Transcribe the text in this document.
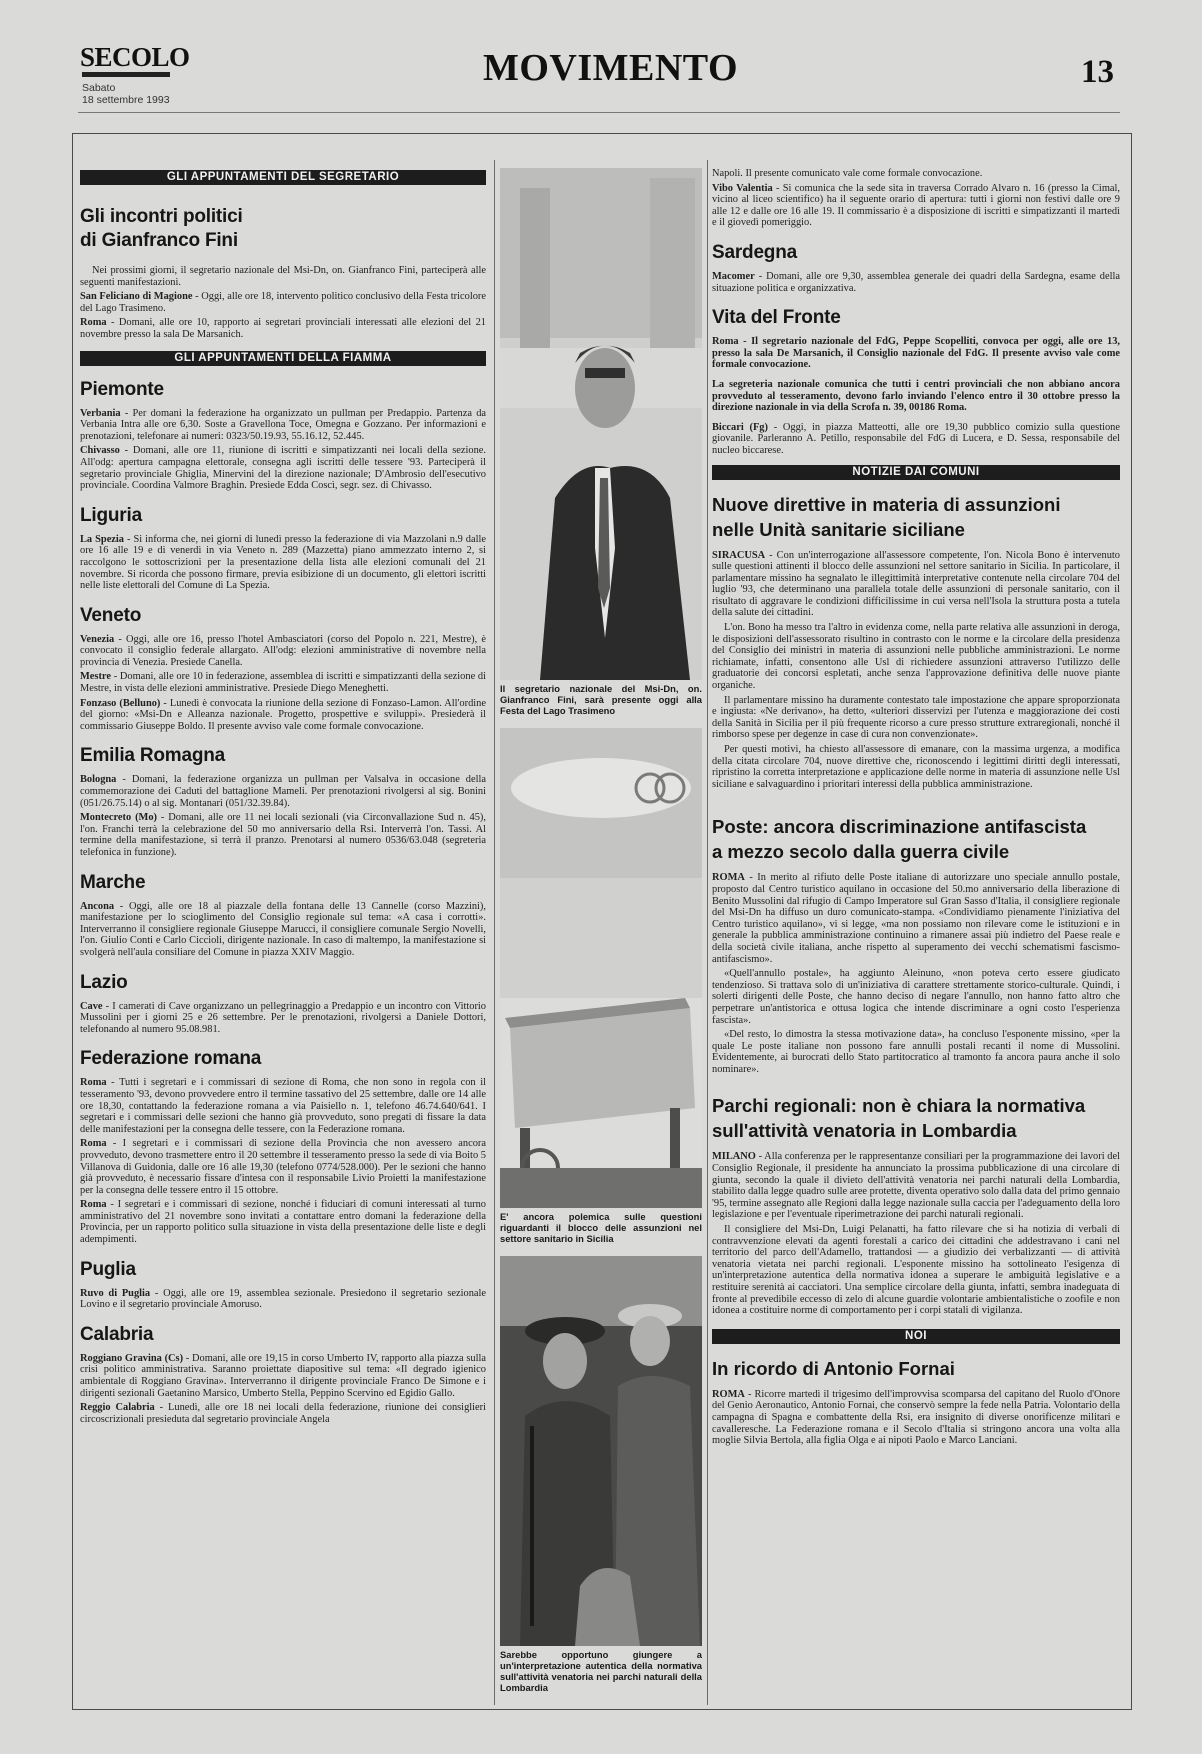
SECOLO
Sabato
18 settembre 1993
MOVIMENTO	13
GLI APPUNTAMENTI DEL SEGRETARIO
Gli incontri politici
di Gianfranco Fini

Nei prossimi giorni, il segretario nazionale del Msi-Dn, on. Gianfranco Fini, parteciperà alle seguenti manifestazioni.

San Feliciano di Magione - Oggi, alle ore 18, intervento politico conclusivo della Festa tricolore del Lago Trasimeno.

Roma - Domani, alle ore 10, rapporto ai segretari provinciali interessati alle elezioni del 21 novembre presso la sala De Marsanich.

GLI APPUNTAMENTI DELLA FIAMMA
Piemonte

Verbania - Per domani la federazione ha organizzato un pullman per Predappio. Partenza da Verbania Intra alle ore 6,30. Soste a Gravellona Toce, Omegna e Gozzano. Per informazioni e prenotazioni, telefonare ai numeri: 0323/50.19.93, 55.16.12, 52.445.

Chivasso - Domani, alle ore 11, riunione di iscritti e simpatizzanti nei locali della sezione. All'odg: apertura campagna elettorale, consegna agli iscritti delle tessere '93. Parteciperà il segretario provinciale Ghiglia, Minervini del la direzione nazionale; D'Ambrosio dell'esecutivo provinciale. Coordina Valmore Braghin. Presiede Edda Coscì, segr. sez. di Chivasso.

Liguria

La Spezia - Si informa che, nei giorni di lunedì presso la federazione di via Mazzolani n.9 dalle ore 16 alle 19 e di venerdì in via Veneto n. 289 (Mazzetta) piano ammezzato interno 2, si raccolgono le sottoscrizioni per la presentazione della lista alle elezioni comunali del 21 novembre. Si ricorda che possono firmare, previa esibizione di un documento, gli elettori iscritti nelle liste elettorali del Comune di La Spezia.

Veneto

Venezia - Oggi, alle ore 16, presso l'hotel Ambasciatori (corso del Popolo n. 221, Mestre), è convocato il consiglio federale allargato. All'odg: elezioni amministrative di novembre nella provincia di Venezia. Presiede Canella.

Mestre - Domani, alle ore 10 in federazione, assemblea di iscritti e simpatizzanti della sezione di Mestre, in vista delle elezioni amministrative. Presiede Diego Meneghetti.

Fonzaso (Belluno) - Lunedì è convocata la riunione della sezione di Fonzaso-Lamon. All'ordine del giorno: «Msi-Dn e Alleanza nazionale. Progetto, prospettive e sviluppi». Presiederà il commissario Giuseppe Boldo. Il presente avviso vale come formale convocazione.

Emilia Romagna

Bologna - Domani, la federazione organizza un pullman per Valsalva in occasione della commemorazione dei Caduti del battaglione Mameli. Per prenotazioni rivolgersi al sig. Bonini (051/26.75.14) o al sig. Montanari (051/32.39.84).

Montecreto (Mo) - Domani, alle ore 11 nei locali sezionali (via Circonvallazione Sud n. 45), l'on. Franchi terrà la celebrazione del 50 mo anniversario della Rsi. Interverrà l'on. Tassi. Al termine della manifestazione, si terrà il pranzo. Prenotarsi al numero 0536/63.048 (segreteria telefonica in funzione).

Marche

Ancona - Oggi, alle ore 18 al piazzale della fontana delle 13 Cannelle (corso Mazzini), manifestazione per lo scioglimento del Consiglio regionale sul tema: «A casa i corrotti». Interverranno il consigliere regionale Giuseppe Marucci, il consigliere comunale Sergio Novelli, l'on. Giulio Conti e Carlo Ciccioli, dirigente nazionale. In caso di maltempo, la manifestazione si svolgerà nell'aula consiliare del Comune in piazza XXIV Maggio.

Lazio

Cave - I camerati di Cave organizzano un pellegrinaggio a Predappio e un incontro con Vittorio Mussolini per i giorni 25 e 26 settembre. Per le prenotazioni, rivolgersi a Daniele Dottori, telefonando al numero 95.08.981.

Federazione romana

Roma - Tutti i segretari e i commissari di sezione di Roma, che non sono in regola con il tesseramento '93, devono provvedere entro il termine tassativo del 25 settembre, dalle ore 14 alle ore 18,30, contattando la federazione romana a via Paisiello n. 1, telefono 46.74.640/641. I segretari e i commissari delle sezioni che hanno già provveduto, sono pregati di fissare la data delle manifestazioni per la consegna delle tessere, con la Federazione romana.

Roma - I segretari e i commissari di sezione della Provincia che non avessero ancora provveduto, devono trasmettere entro il 20 settembre il tesseramento presso la sede di via Boito 5 Villanova di Guidonia, dalle ore 16 alle 19,30 (telefono 0774/528.000). Per le sezioni che hanno già provveduto, è necessario fissare d'intesa con il responsabile Livio Proietti la manifestazione per la consegna delle tessere entro il 15 ottobre.

Roma - I segretari e i commissari di sezione, nonché i fiduciari di comuni interessati al turno amministrativo del 21 novembre sono invitati a contattare entro domani la federazione della Provincia, per un rapporto politico sulla situazione in vista della presentazione delle liste e degli adempimenti.

Puglia

Ruvo di Puglia - Oggi, alle ore 19, assemblea sezionale. Presiedono il segretario sezionale Lovino e il segretario provinciale Amoruso.

Calabria

Roggiano Gravina (Cs) - Domani, alle ore 19,15 in corso Umberto IV, rapporto alla piazza sulla crisi politico amministrativa. Saranno proiettate diapositive sul tema: «Il degrado igienico ambientale di Roggiano Gravina». Interverranno il dirigente provinciale Franco De Simone e i dirigenti sezionali Gaetanino Marsico, Umberto Stella, Peppino Scervino ed Egidio Gallo.

Reggio Calabria - Lunedì, alle ore 18 nei locali della federazione, riunione dei consiglieri circoscrizionali presieduta dal segretario provinciale Angela

Il segretario nazionale del Msi-Dn, on. Gianfranco Fini, sarà presente oggi alla Festa del Lago Trasimeno
E' ancora polemica sulle questioni riguardanti il blocco delle assunzioni nel settore sanitario in Sicilia
Sarebbe opportuno giungere a un'interpretazione autentica della normativa sull'attività venatoria nei parchi naturali della Lombardia

Napoli. Il presente comunicato vale come formale convocazione.

Vibo Valentia - Si comunica che la sede sita in traversa Corrado Alvaro n. 16 (presso la Cimal, vicino al liceo scientifico) ha il seguente orario di apertura: tutti i giorni non festivi dalle ore 9 alle 12 e dalle ore 16 alle 19. Il commissario è a disposizione di iscritti e simpatizzanti il martedì e il giovedì pomeriggio.

Sardegna

Macomer - Domani, alle ore 9,30, assemblea generale dei quadri della Sardegna, esame della situazione politica e organizzativa.

Vita del Fronte

Roma - Il segretario nazionale del FdG, Peppe Scopelliti, convoca per oggi, alle ore 13, presso la sala De Marsanich, il Consiglio nazionale del FdG. Il presente avviso vale come formale convocazione.

La segreteria nazionale comunica che tutti i centri provinciali che non abbiano ancora provveduto al tesseramento, devono farlo inviando l'elenco entro il 30 ottobre presso la direzione nazionale in via della Scrofa n. 39, 00186 Roma.

Biccari (Fg) - Oggi, in piazza Matteotti, alle ore 19,30 pubblico comizio sulla questione giovanile. Parleranno A. Petillo, responsabile del FdG di Lucera, e D. Sessa, responsabile del nucleo biccarese.

NOTIZIE DAI COMUNI
Nuove direttive in materia di assunzioni
nelle Unità sanitarie siciliane

SIRACUSA - Con un'interrogazione all'assessore competente, l'on. Nicola Bono è intervenuto sulle questioni attinenti il blocco delle assunzioni nel settore sanitario in Sicilia. In particolare, il parlamentare missino ha segnalato le illegittimità interpretative contenute nella circolare 704 del luglio '93, che determinano una parallela totale delle assunzioni di personale sanitario, con il risultato di aggravare le condizioni difficilissime in cui versa nell'Isola la struttura posta a tutela della salute dei cittadini.

L'on. Bono ha messo tra l'altro in evidenza come, nella parte relativa alle assunzioni in deroga, le disposizioni dell'assessorato risultino in contrasto con le norme e la circolare della presidenza del Consiglio dei ministri in materia di assunzioni nelle pubbliche amministrazioni. Le norme richiamate, infatti, consentono alle Usl di richiedere assunzioni attraverso l'utilizzo delle graduatorie dei concorsi espletati, anche senza l'approvazione definitiva delle nuove piante organiche.

Il parlamentare missino ha duramente contestato tale impostazione che appare sproporzionata e ingiusta: «Ne derivano», ha detto, «ulteriori disservizi per l'utenza e maggiorazione dei costi della Sanità in Sicilia per il più frequente ricorso a cure presso strutture extraregionali, nonché il rimborso spese per degenze in case di cura non convenzionate».

Per questi motivi, ha chiesto all'assessore di emanare, con la massima urgenza, a modifica della citata circolare 704, nuove direttive che, riconoscendo i legittimi diritti degli interessati, ripristino la corretta interpretazione e applicazione delle norme in materia di assunzione nelle Usl siciliane e salvaguardino i prioritari interessi della pubblica amministrazione.

Poste: ancora discriminazione antifascista
a mezzo secolo dalla guerra civile

ROMA - In merito al rifiuto delle Poste italiane di autorizzare uno speciale annullo postale, proposto dal Centro turistico aquilano in occasione del 50.mo anniversario della liberazione di Benito Mussolini dal rifugio di Campo Imperatore sul Gran Sasso d'Italia, il consigliere regionale del Msi-Dn ha diffuso un duro comunicato-stampa. «Condividiamo pienamente l'iniziativa del Centro turistico aquilano», vi si legge, «ma non possiamo non rilevare come le istituzioni e in generale la pubblica amministrazione continuino a rimanere assai più indietro del Paese reale e della società civile italiana, anche rispetto al superamento dei vecchi schematismi fascismo-antifascismo».

«Quell'annullo postale», ha aggiunto Aleinuno, «non poteva certo essere giudicato tendenzioso. Si trattava solo di un'iniziativa di carattere strettamente storico-culturale. Quindi, i solerti dirigenti delle Poste, che hanno deciso di negare l'annullo, non hanno fatto altro che perpetrare un'antistorica e ottusa logica che intende discriminare a ogni costo l'esperienza fascista».

«Del resto, lo dimostra la stessa motivazione data», ha concluso l'esponente missino, «per la quale Le poste italiane non possono fare annulli postali recanti il nome di Mussolini. Evidentemente, ai burocrati dello Stato partitocratico al tramonto fa ancora paura anche il solo nominare».

Parchi regionali: non è chiara la normativa
sull'attività venatoria in Lombardia

MILANO - Alla conferenza per le rappresentanze consiliari per la programmazione dei lavori del Consiglio Regionale, il presidente ha annunciato la prossima pubblicazione di una circolare di giunta, secondo la quale il divieto dell'attività venatoria nei parchi naturali della Lombardia, stabilito dalla legge quadro sulle aree protette, diventa operativo solo dalla data del primo gennaio '95, termine assegnato alle Regioni dalla legge nazionale sulla caccia per l'adeguamento della loro legislazione e per l'eventuale riperimetrazione dei parchi naturali regionali.

Il consigliere del Msi-Dn, Luigi Pelanatti, ha fatto rilevare che si ha notizia di verbali di contravvenzione elevati da agenti forestali a carico dei cittadini che addestravano i cani nel territorio del parco dell'Adamello, trattandosi — a giudizio dei verbalizzanti — di attività venatoria vietata nei parchi regionali. L'esponente missino ha sottolineato l'esigenza di un'interpretazione autentica della normativa idonea a superare le ambiguità legislative e a restituire serenità ai cacciatori. Una semplice circolare della giunta, infatti, sembra inadeguata di fronte al prevedibile eccesso di zelo di alcune guardie volontarie ambientalistiche o zoofile e non idonea a costituire norme di comportamento per i corpi statali di vigilanza.

NOI
In ricordo di Antonio Fornai

ROMA - Ricorre martedì il trigesimo dell'improvvisa scomparsa del capitano del Ruolo d'Onore del Genio Aeronautico, Antonio Fornai, che conservò sempre la fede nella Patria. Volontario della campagna di Spagna e combattente della Rsi, era insignito di diverse onorificenze militari e cavalleresche. La Federazione romana e il Secolo d'Italia si stringono ancora una volta alla moglie Silvia Bertola, alla figlia Olga e ai nipoti Paolo e Marco Lanciani.
